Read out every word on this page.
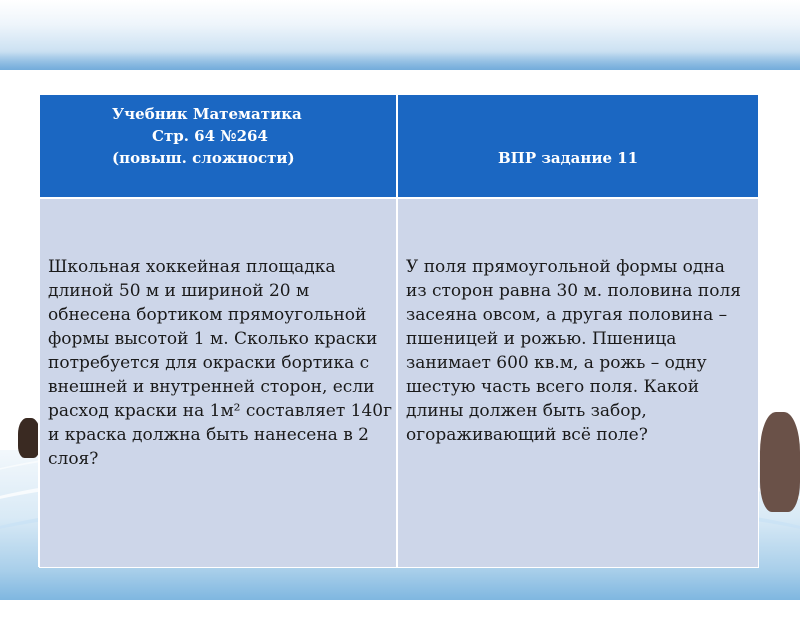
Учебник Математика
Стр. 64 №264
(повыш. сложности)

	ВПР задание 11

Школьная хоккейная площадка
длиной 50 м и шириной 20 м
обнесена бортиком прямоугольной
формы высотой 1 м. Сколько краски
потребуется для окраски бортика с
внешней и внутренней сторон, если
расход краски на 1м² составляет 140г
и краска должна быть нанесена в 2
слоя?
У поля прямоугольной формы одна
из сторон равна 30 м. половина поля
засеяна овсом, а другая половина –
пшеницей и рожью. Пшеница
занимает 600 кв.м, а рожь – одну
шестую часть всего поля. Какой
длины должен быть забор,
огораживающий всё поле?
